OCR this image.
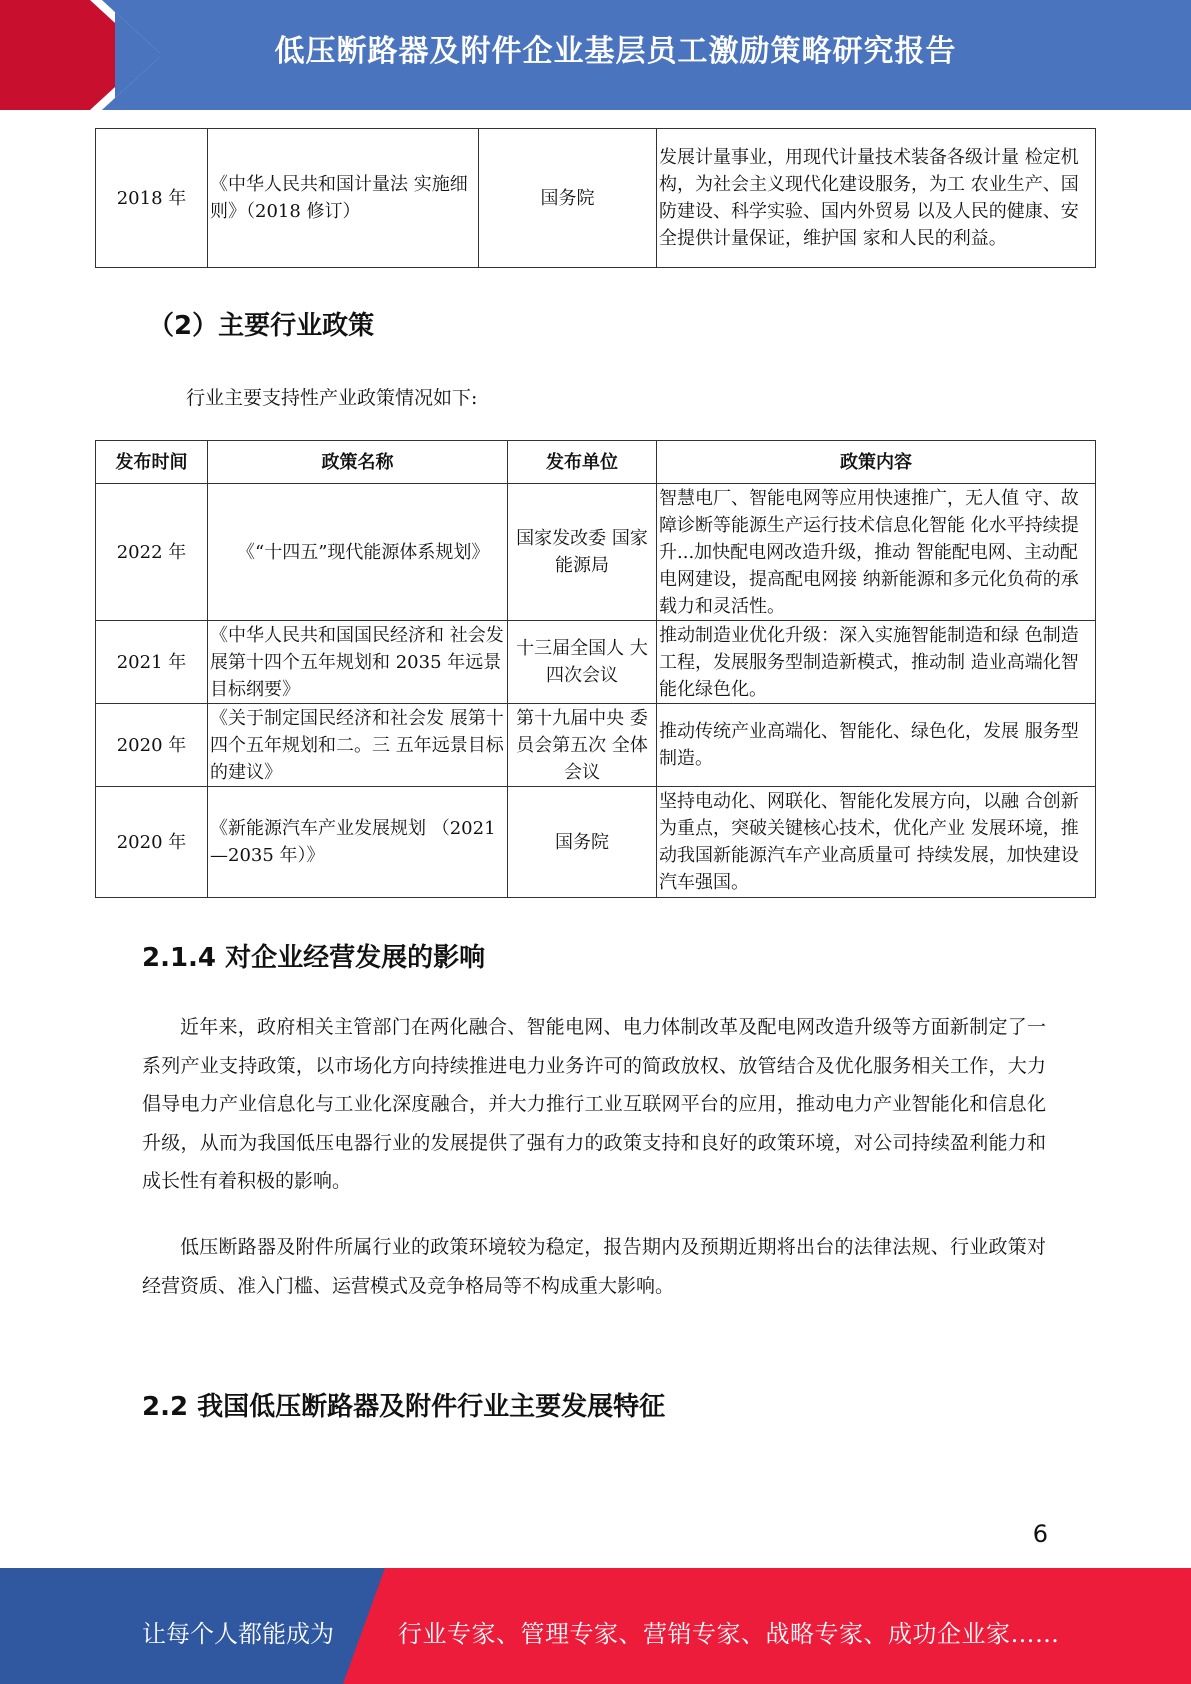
低压断路器及附件企业基层员工激励策略研究报告
2018 年	《中华人民共和国计量法 实施细则》（2018 修订）	国务院	发展计量事业，用现代计量技术装备各级计量 检定机构，为社会主义现代化建设服务，为工 农业生产、国防建设、科学实验、国内外贸易 以及人民的健康、安全提供计量保证，维护国 家和人民的利益。
（2）主要行业政策
行业主要支持性产业政策情况如下:
发布时间	政策名称	发布单位	政策内容
2022 年	《“十四五”现代能源体系规划》	国家发改委 国家能源局	智慧电厂、智能电网等应用快速推广，无人值 守、故障诊断等能源生产运行技术信息化智能 化水平持续提升...加快配电网改造升级，推动 智能配电网、主动配电网建设，提高配电网接 纳新能源和多元化负荷的承载力和灵活性。
2021 年	《中华人民共和国国民经济和 社会发展第十四个五年规划和 2035 年远景目标纲要》	十三届全国人 大四次会议	推动制造业优化升级：深入实施智能制造和绿 色制造工程，发展服务型制造新模式，推动制 造业高端化智能化绿色化。
2020 年	《关于制定国民经济和社会发 展第十四个五年规划和二。三 五年远景目标的建议》	第十九届中央 委员会第五次 全体会议	推动传统产业高端化、智能化、绿色化，发展 服务型制造。
2020 年	《新能源汽车产业发展规划 （2021—2035 年）》	国务院	坚持电动化、网联化、智能化发展方向，以融 合创新为重点，突破关键核心技术，优化产业 发展环境，推动我国新能源汽车产业高质量可 持续发展，加快建设汽车强国。
2.1.4 对企业经营发展的影响
近年来，政府相关主管部门在两化融合、智能电网、电力体制改革及配电网改造升级等方面新制定了一系列产业支持政策，以市场化方向持续推进电力业务许可的简政放权、放管结合及优化服务相关工作，大力倡导电力产业信息化与工业化深度融合，并大力推行工业互联网平台的应用，推动电力产业智能化和信息化升级，从而为我国低压电器行业的发展提供了强有力的政策支持和良好的政策环境，对公司持续盈利能力和成长性有着积极的影响。
低压断路器及附件所属行业的政策环境较为稳定，报告期内及预期近期将出台的法律法规、行业政策对经营资质、准入门槛、运营模式及竞争格局等不构成重大影响。
2.2 我国低压断路器及附件行业主要发展特征
6
让每个人都能成为	行业专家、管理专家、营销专家、战略专家、成功企业家……
